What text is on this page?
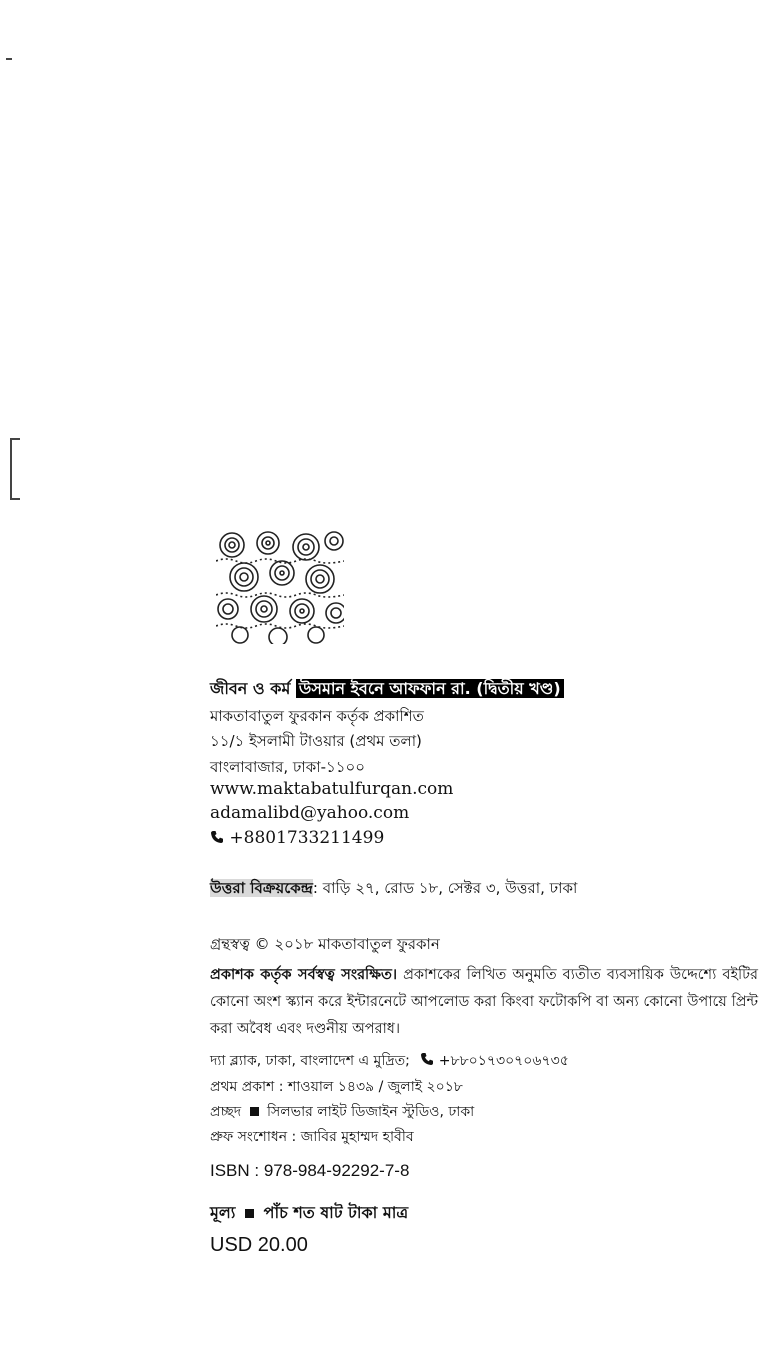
জীবন ও কর্ম উসমান ইবনে আফফান রা. (দ্বিতীয় খণ্ড)
মাকতাবাতুল ফুরকান কর্তৃক প্রকাশিত
১১/১ ইসলামী টাওয়ার (প্রথম তলা)
বাংলাবাজার, ঢাকা-১১০০
www.maktabatulfurqan.com
adamalibd@yahoo.com
+8801733211499
উত্তরা বিক্রয়কেন্দ্র: বাড়ি ২৭, রোড ১৮, সেক্টর ৩, উত্তরা, ঢাকা
গ্রন্থস্বত্ব © ২০১৮ মাকতাবাতুল ফুরকান
প্রকাশক কর্তৃক সর্বস্বত্ব সংরক্ষিত। প্রকাশকের লিখিত অনুমতি ব্যতীত ব্যবসায়িক উদ্দেশ্যে বইটির কোনো অংশ স্ক্যান করে ইন্টারনেটে আপলোড করা কিংবা ফটোকপি বা অন্য কোনো উপায়ে প্রিন্ট করা অবৈধ এবং দণ্ডনীয় অপরাধ।
দ্যা ব্ল্যাক, ঢাকা, বাংলাদেশ এ মুদ্রিত; +৮৮০১৭৩০৭০৬৭৩৫
প্রথম প্রকাশ : শাওয়াল ১৪৩৯ / জুলাই ২০১৮
প্রচ্ছদ সিলভার লাইট ডিজাইন স্টুডিও, ঢাকা
প্রুফ সংশোধন : জাবির মুহাম্মদ হাবীব
ISBN : 978-984-92292-7-8
মূল্য পাঁচ শত ষাট টাকা মাত্র
USD 20.00
